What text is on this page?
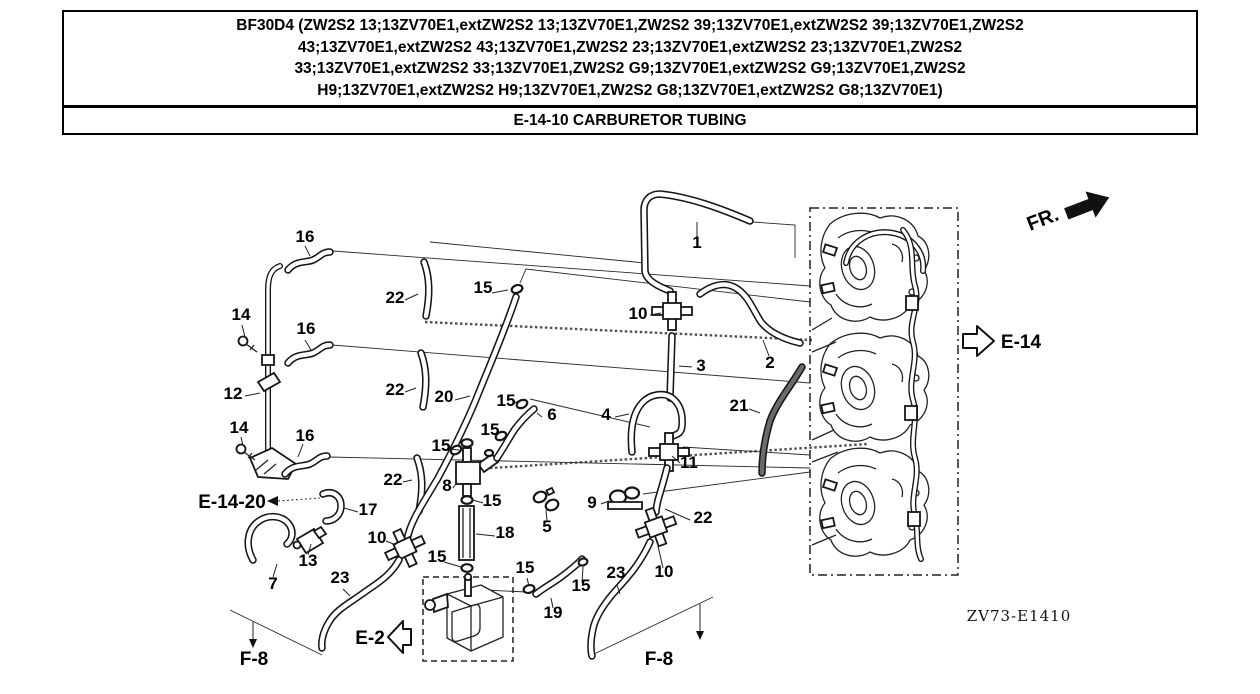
BF30D4 (ZW2S2 13;13ZV70E1,extZW2S2 13;13ZV70E1,ZW2S2 39;13ZV70E1,extZW2S2 39;13ZV70E1,ZW2S2
43;13ZV70E1,extZW2S2 43;13ZV70E1,ZW2S2 23;13ZV70E1,extZW2S2 23;13ZV70E1,ZW2S2
33;13ZV70E1,extZW2S2 33;13ZV70E1,ZW2S2 G9;13ZV70E1,extZW2S2 G9;13ZV70E1,ZW2S2
H9;13ZV70E1,extZW2S2 H9;13ZV70E1,ZW2S2 G8;13ZV70E1,extZW2S2 G8;13ZV70E1)
E-14-10 CARBURETOR TUBING
FR.
ZV73-E1410
16
22
15
1
10
14
16
12	22 20	15
3	2
21
14	16
15
15
6	4
22 8
15	9
5
11
22
17
10
13
7	23
18
15
15
19
15
10
23
E-14
E-14-20
E-2
F-8	F-8
